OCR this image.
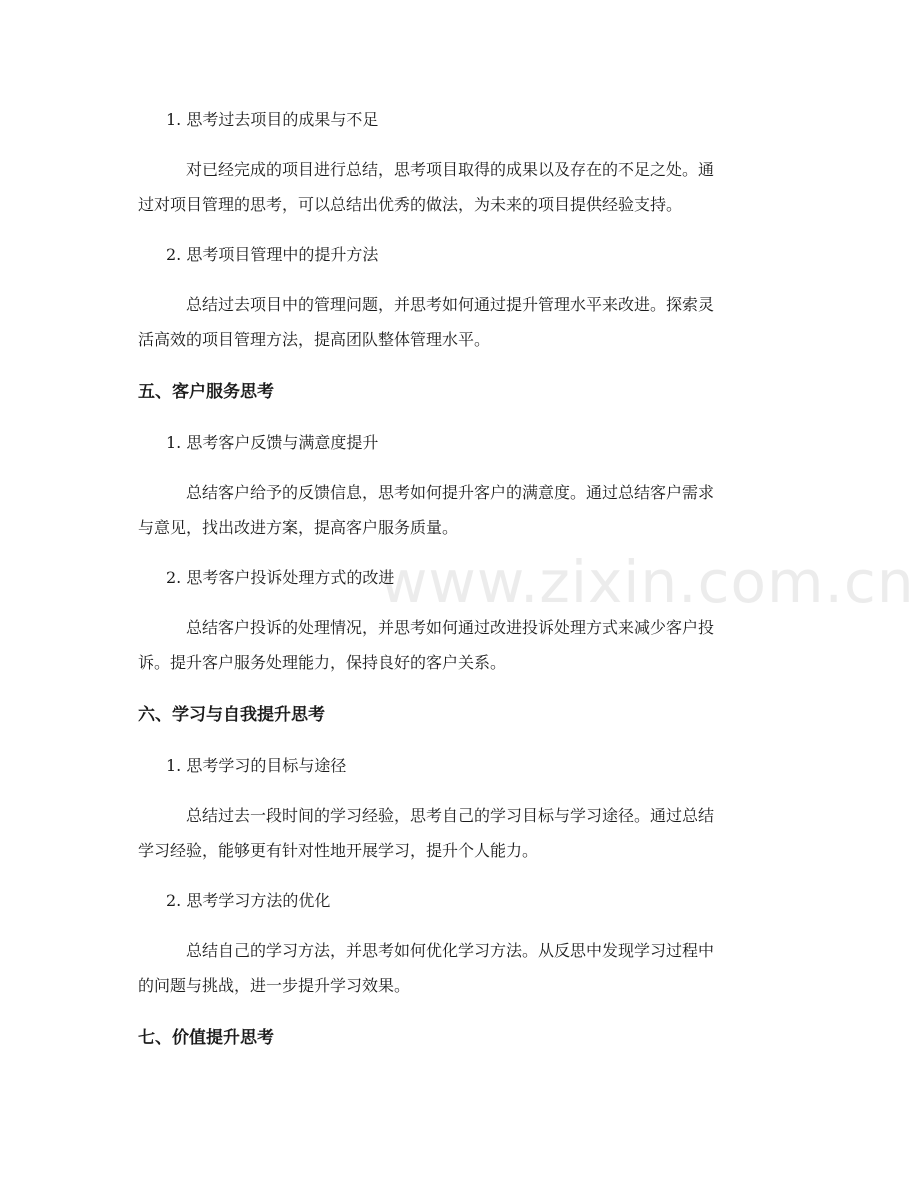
www.zixin.com.cn
1. 思考过去项目的成果与不足
对已经完成的项目进行总结，思考项目取得的成果以及存在的不足之处。通
过对项目管理的思考，可以总结出优秀的做法，为未来的项目提供经验支持。
2. 思考项目管理中的提升方法
总结过去项目中的管理问题，并思考如何通过提升管理水平来改进。探索灵
活高效的项目管理方法，提高团队整体管理水平。
五、客户服务思考
1. 思考客户反馈与满意度提升
总结客户给予的反馈信息，思考如何提升客户的满意度。通过总结客户需求
与意见，找出改进方案，提高客户服务质量。
2. 思考客户投诉处理方式的改进
总结客户投诉的处理情况，并思考如何通过改进投诉处理方式来减少客户投
诉。提升客户服务处理能力，保持良好的客户关系。
六、学习与自我提升思考
1. 思考学习的目标与途径
总结过去一段时间的学习经验，思考自己的学习目标与学习途径。通过总结
学习经验，能够更有针对性地开展学习，提升个人能力。
2. 思考学习方法的优化
总结自己的学习方法，并思考如何优化学习方法。从反思中发现学习过程中
的问题与挑战，进一步提升学习效果。
七、价值提升思考
